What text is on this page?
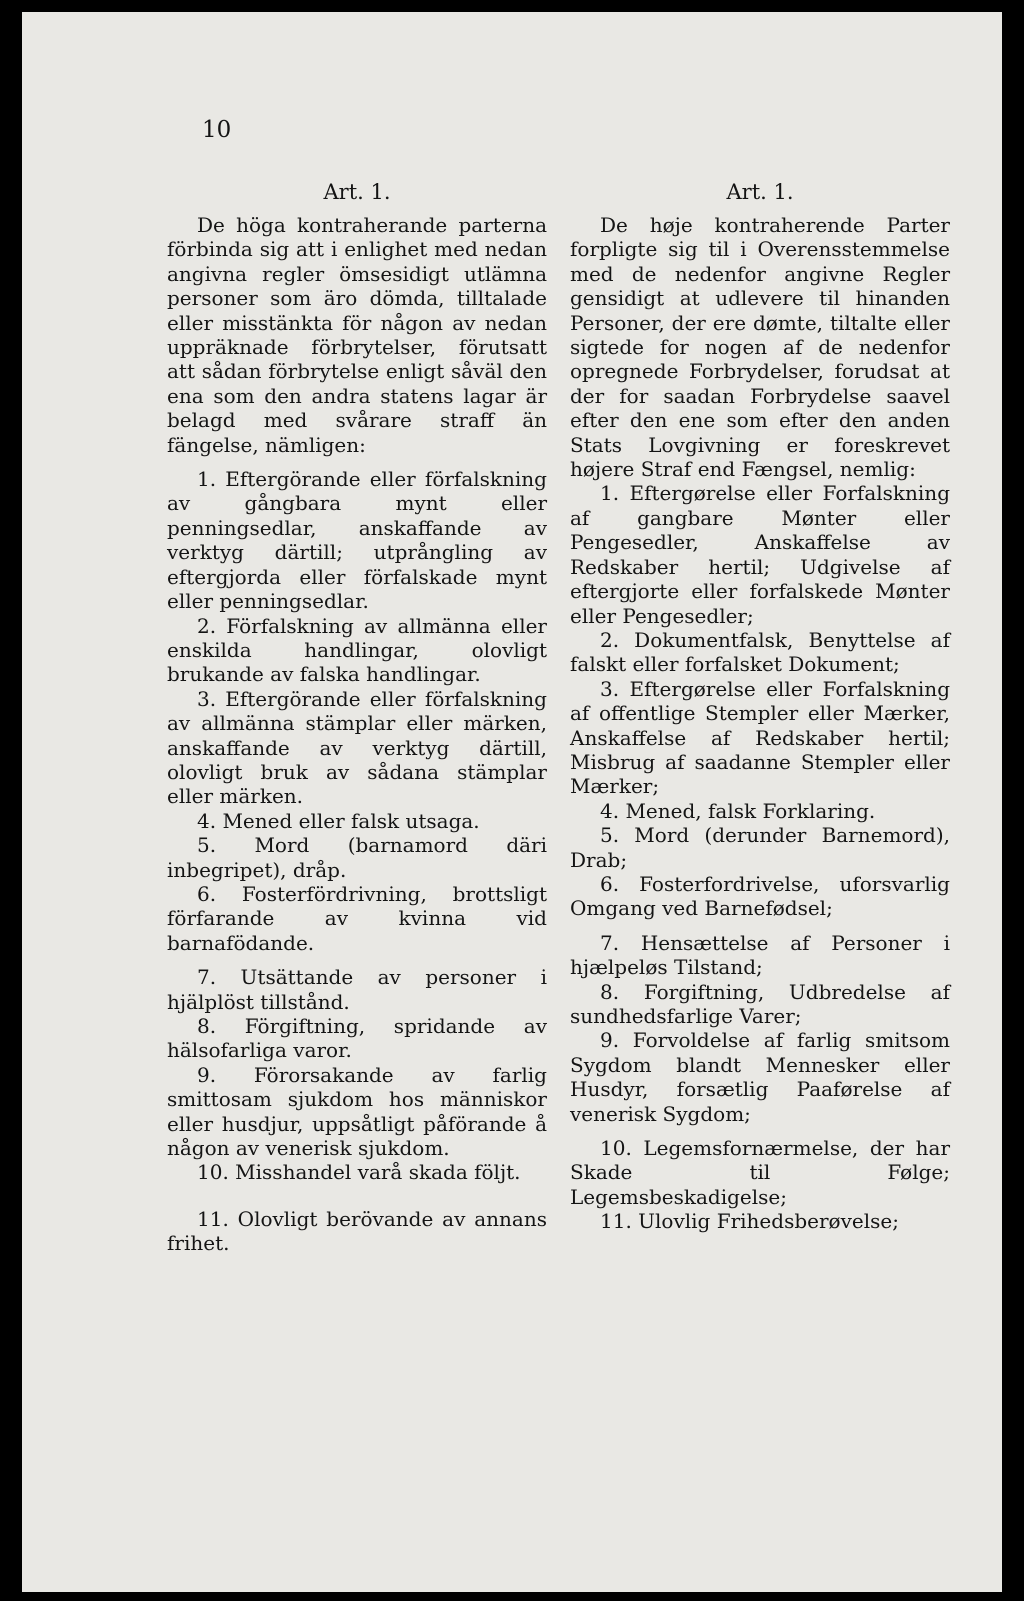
10
Art. 1.

De höga kontraherande parterna förbinda sig att i enlighet med nedan angivna regler ömsesidigt utlämna personer som äro dömda, tilltalade eller misstänkta för någon av nedan uppräknade förbrytelser, förutsatt att sådan förbrytelse enligt såväl den ena som den andra statens lagar är belagd med svårare straff än fängelse, nämligen:

1. Eftergörande eller förfalskning av gångbara mynt eller penningsedlar, anskaffande av verktyg därtill; utprångling av eftergjorda eller förfalskade mynt eller penningsedlar.

2. Förfalskning av allmänna eller enskilda handlingar, olovligt brukande av falska handlingar.

3. Eftergörande eller förfalskning av allmänna stämplar eller märken, anskaffande av verktyg därtill, olovligt bruk av sådana stämplar eller märken.

4. Mened eller falsk utsaga.

5. Mord (barnamord däri inbegripet), dråp.

6. Fosterfördrivning, brottsligt förfarande av kvinna vid barnafödande.

7. Utsättande av personer i hjälplöst tillstånd.

8. Förgiftning, spridande av hälsofarliga varor.

9. Förorsakande av farlig smittosam sjukdom hos människor eller husdjur, uppsåtligt påförande å någon av venerisk sjukdom.

10. Misshandel varå skada följt.

11. Olovligt berövande av annans frihet.

Art. 1.

De høje kontraherende Parter forpligte sig til i Overensstemmelse med de nedenfor angivne Regler gensidigt at udlevere til hinanden Personer, der ere dømte, tiltalte eller sigtede for nogen af de nedenfor opregnede Forbrydelser, forudsat at der for saadan Forbrydelse saavel efter den ene som efter den anden Stats Lovgivning er foreskrevet højere Straf end Fængsel, nemlig:

1. Eftergørelse eller Forfalskning af gangbare Mønter eller Pengesedler, Anskaffelse av Redskaber hertil; Udgivelse af eftergjorte eller forfalskede Mønter eller Pengesedler;

2. Dokumentfalsk, Benyttelse af falskt eller forfalsket Dokument;

3. Eftergørelse eller Forfalskning af offentlige Stempler eller Mærker, Anskaffelse af Redskaber hertil; Misbrug af saadanne Stempler eller Mærker;

4. Mened, falsk Forklaring.

5. Mord (derunder Barnemord), Drab;

6. Fosterfordrivelse, uforsvarlig Omgang ved Barnefødsel;

7. Hensættelse af Personer i hjælpeløs Tilstand;

8. Forgiftning, Udbredelse af sundhedsfarlige Varer;

9. Forvoldelse af farlig smitsom Sygdom blandt Mennesker eller Husdyr, forsætlig Paaførelse af venerisk Sygdom;

10. Legemsfornærmelse, der har Skade til Følge; Legemsbeskadigelse;

11. Ulovlig Frihedsberøvelse;
